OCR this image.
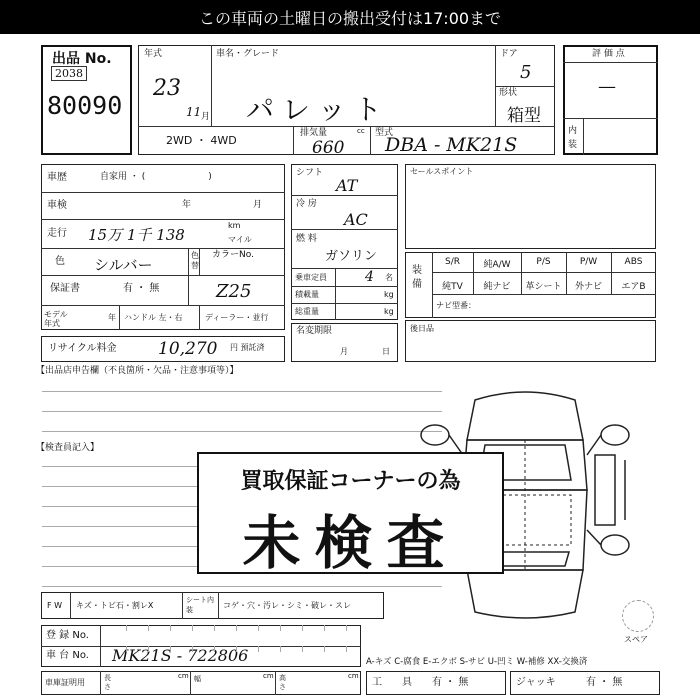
この車両の土曜日の搬出受付は17:00まで
出品 No.
2038
80090
年式
23
11 月
車名・グレード
パレット
ドア
5
形状
箱型
2WD ・ 4WD
排気量	cc
660
型式
DBA - MK21S
評 価 点
—
内装
車歴	自家用 ・ (　　　　　　　)
車検	年	月
走行 15万 1千 138
km
マイル
色 シルバー
色替
カラーNo.
Z25
保証書	有 ・ 無
モデル年式
年 ハンドル 左・右	ディーラー・並行
リサイクル料金 10,270 円 預託済
シフト
AT
冷 房
AC
燃 料
ガソリン
乗車定員	4 名
積載量	kg
総重量	kg
名変期限
月	日
セールスポイント
装備
S/R	純A/W	P/S	P/W	ABS
純TV	純ナビ	革シート	外ナビ	エアB
ナビ型番：
後日品
【出品店申告欄（不良箇所・欠品・注意事項等）】
【検査員記入】
買取保証コーナーの為
未検査
F W キズ・トビ石・割レX
シート内装	コゲ・穴・汚レ・シミ・破レ・スレ
登 録 No.
車 台 No. MK21S - 722806
車庫証明用	長さ
幅	高さ
cm	cm	cm
スペア
A-キズ C-腐食 E-エクボ S-サビ U-凹ミ W-補修 XX-交換済
工　　具 有 ・ 無	ジャッキ	有 ・ 無
